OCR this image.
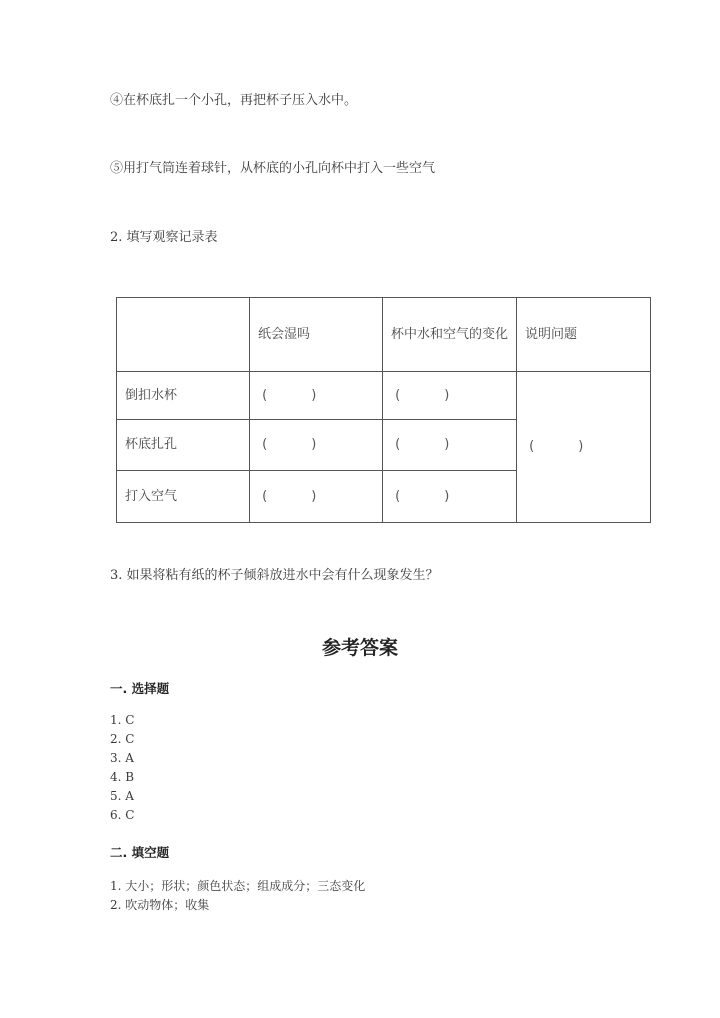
④在杯底扎一个小孔，再把杯子压入水中。
⑤用打气筒连着球针，从杯底的小孔向杯中打入一些空气
2. 填写观察记录表
	纸会湿吗	杯中水和空气的变化	说明问题
倒扣水杯	( )	( )	( )
杯底扎孔	( )	( )	
打入空气	( )	( )	
3. 如果将粘有纸的杯子倾斜放进水中会有什么现象发生？
参考答案
一. 选择题
1. C
2. C
3. A
4. B
5. A
6. C
二. 填空题
1. 大小；形状；颜色状态；组成成分；三态变化
2. 吹动物体；收集
